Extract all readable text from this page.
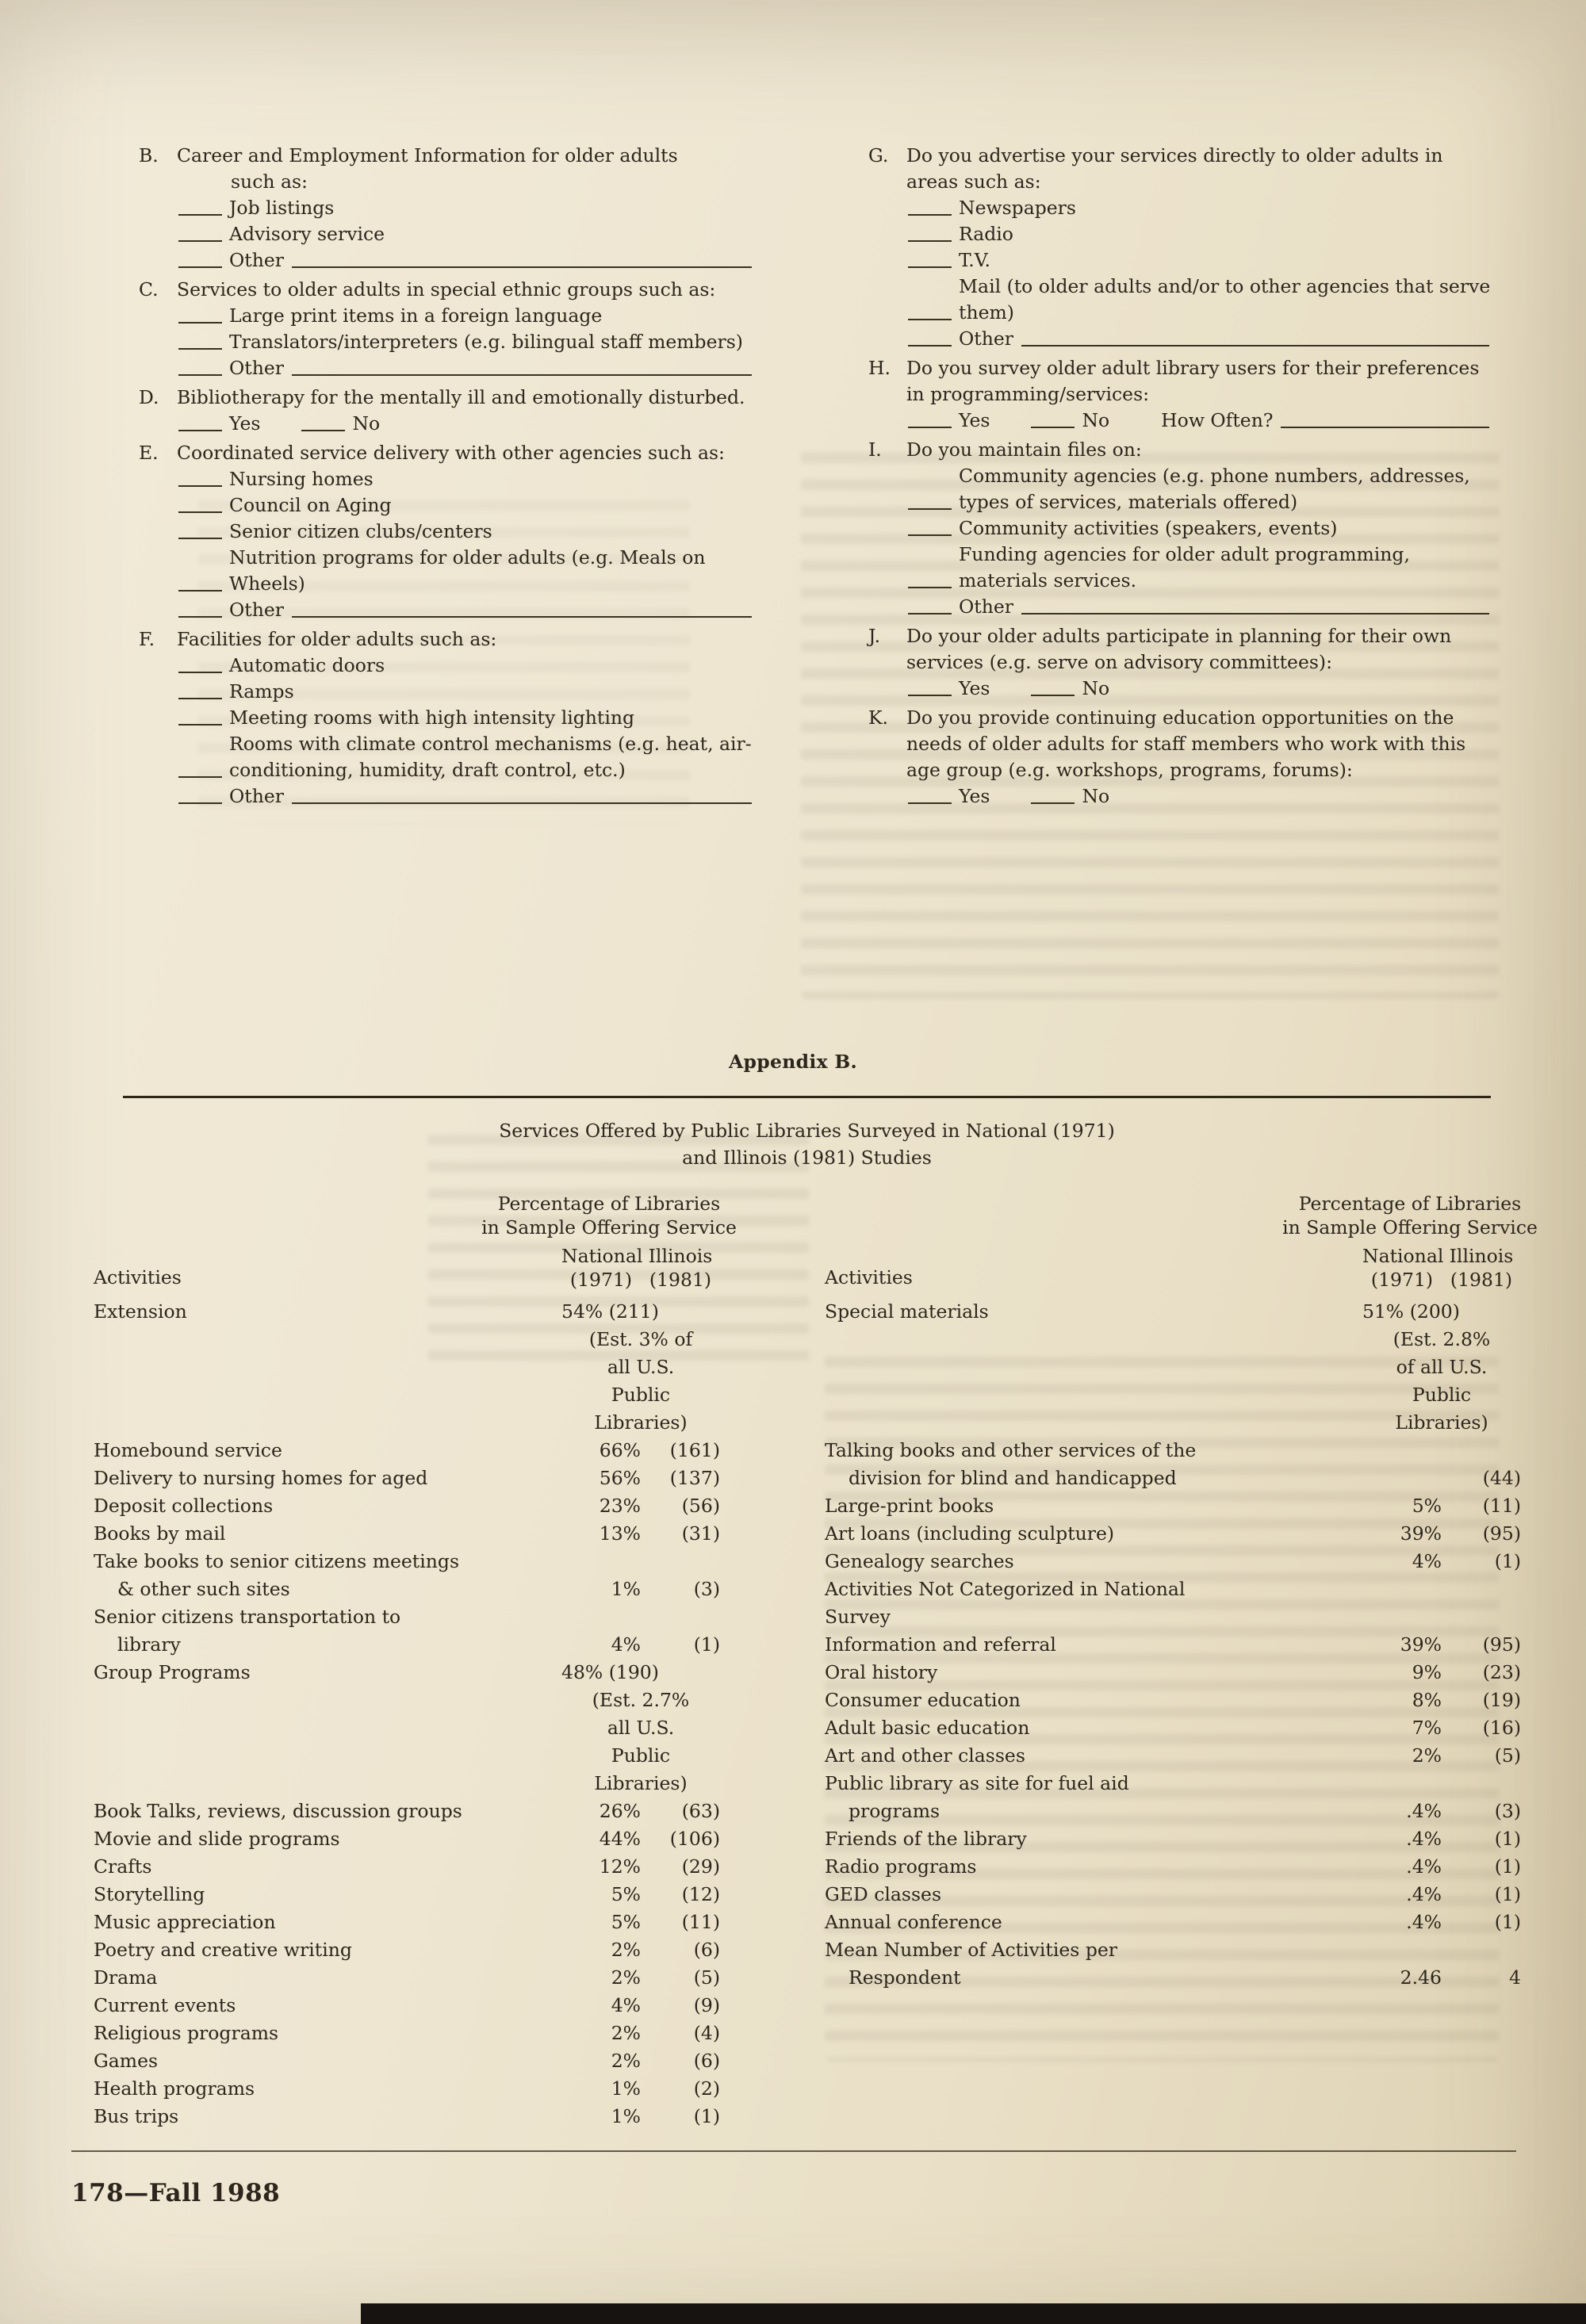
B. Career and Employment Information for older adults
such as:
Job listings
Advisory service
Other
C. Services to older adults in special ethnic groups such as:
Large print items in a foreign language
Translators/interpreters (e.g. bilingual staff members)
Other
D. Bibliotherapy for the mentally ill and emotionally disturbed.
Yes	No
E. Coordinated service delivery with other agencies such as:
Nursing homes
Council on Aging
Senior citizen clubs/centers
Nutrition programs for older adults (e.g. Meals on Wheels)
Other
F.	Facilities for older adults such as:
Automatic doors
Ramps
Meeting rooms with high intensity lighting
Rooms with climate control mechanisms (e.g. heat, air-conditioning, humidity, draft control, etc.)
Other
G. Do you advertise your services directly to older adults in areas such as:
Newspapers
Radio
T.V.
Mail (to older adults and/or to other agencies that serve them)
Other
H. Do you survey older adult library users for their preferences in programming/services:
Yes	No	How Often?
I.	Do you maintain files on:
Community agencies (e.g. phone numbers, addresses, types of services, materials offered)
Community activities (speakers, events)
Funding agencies for older adult programming, materials services.
Other
J.	Do your older adults participate in planning for their own services (e.g. serve on advisory committees):
Yes	No
K. Do you provide continuing education opportunities on the needs of older adults for staff members who work with this age group (e.g. workshops, programs, forums):
Yes	No
Appendix B.
Services Offered by Public Libraries Surveyed in National (1971)
and Illinois (1981) Studies
Activities
Percentage of Libraries
in Sample Offering Service
National
(1971)
Illinois
(1981)
Extension	54% (211)
(Est. 3% of
all U.S.
Public
Libraries)
Homebound service	66%	(161)
Delivery to nursing homes for aged	56%	(137)
Deposit collections	23%	(56)
Books by mail	13%	(31)
Take books to senior citizens meetings
& other such sites	1%	(3)
Senior citizens transportation to
library	4%	(1)
Group Programs	48% (190)
(Est. 2.7%
all U.S.
Public
Libraries)
Book Talks, reviews, discussion groups	26%	(63)
Movie and slide programs	44%	(106)
Crafts	12%	(29)
Storytelling	5%	(12)
Music appreciation	5%	(11)
Poetry and creative writing	2%	(6)
Drama	2%	(5)
Current events	4%	(9)
Religious programs	2%	(4)
Games	2%	(6)
Health programs	1%	(2)
Bus trips	1%	(1)
Activities
Percentage of Libraries
in Sample Offering Service
National
(1971)
Illinois
(1981)
Special materials	51% (200)
(Est. 2.8%
of all U.S.
Public
Libraries)
Talking books and other services of the
division for blind and handicapped	(44)
Large-print books	5%	(11)
Art loans (including sculpture)	39%	(95)
Genealogy searches	4%	(1)
Activities Not Categorized in National
Survey
Information and referral	39%	(95)
Oral history	9%	(23)
Consumer education	8%	(19)
Adult basic education	7%	(16)
Art and other classes	2%	(5)
Public library as site for fuel aid
programs	.4%	(3)
Friends of the library	.4%	(1)
Radio programs	.4%	(1)
GED classes	.4%	(1)
Annual conference	.4%	(1)
Mean Number of Activities per
Respondent	2.46	4
178—Fall 1988
